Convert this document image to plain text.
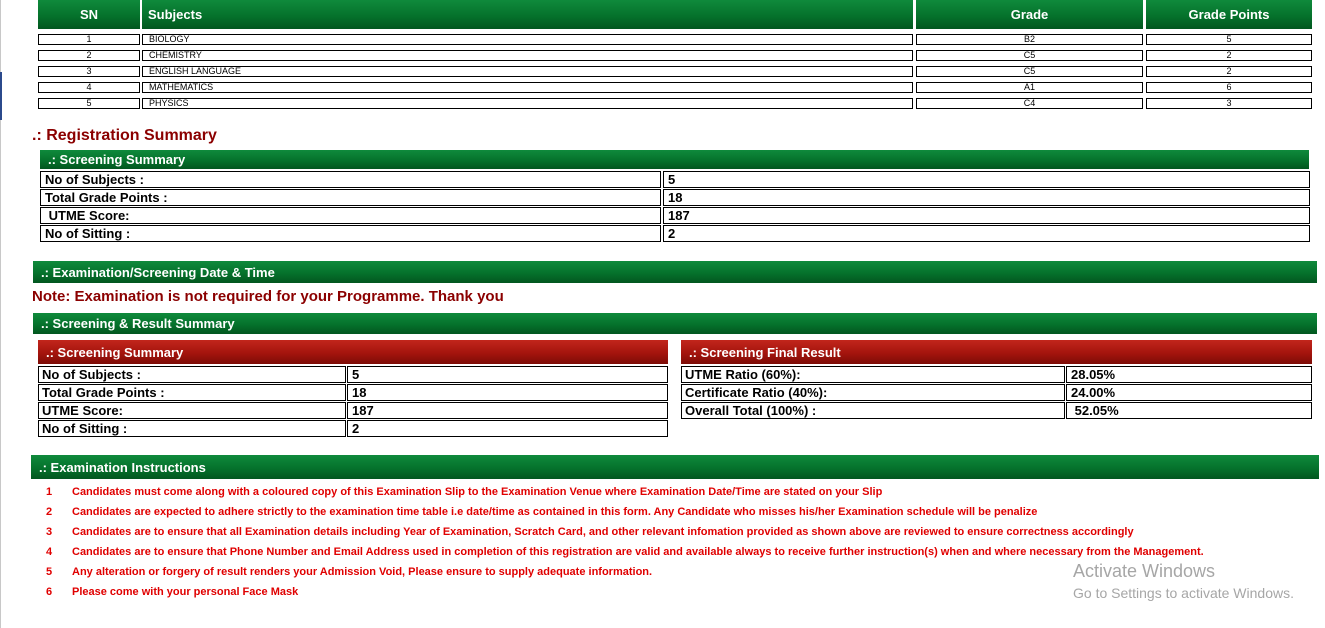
SN	Subjects	Grade	Grade Points
1	BIOLOGY	B2	5
2	CHEMISTRY	C5	2
3	ENGLISH LANGUAGE	C5	2
4	MATHEMATICS	A1	6
5	PHYSICS	C4	3
.: Registration Summary
.: Screening Summary
No of Subjects :	5
Total Grade Points :	18
UTME Score:	187
No of Sitting :	2
.: Examination/Screening Date & Time
Note: Examination is not required for your Programme. Thank you
.: Screening & Result Summary
.: Screening Summary
No of Subjects :	5
Total Grade Points :	18
UTME Score:	187
No of Sitting :	2
.: Screening Final Result
UTME Ratio (60%):	28.05%
Certificate Ratio (40%):	24.00%
Overall Total (100%) :	52.05%
.: Examination Instructions
1 Candidates must come along with a coloured copy of this Examination Slip to the Examination Venue where Examination Date/Time are stated on your Slip
2 Candidates are expected to adhere strictly to the examination time table i.e date/time as contained in this form. Any Candidate who misses his/her Examination schedule will be penalize
3 Candidates are to ensure that all Examination details including Year of Examination, Scratch Card, and other relevant infomation provided as shown above are reviewed to ensure correctness accordingly
4 Candidates are to ensure that Phone Number and Email Address used in completion of this registration are valid and available always to receive further instruction(s) when and where necessary from the Management.
5 Any alteration or forgery of result renders your Admission Void, Please ensure to supply adequate information.
6 Please come with your personal Face Mask
Activate Windows
Go to Settings to activate Windows.
